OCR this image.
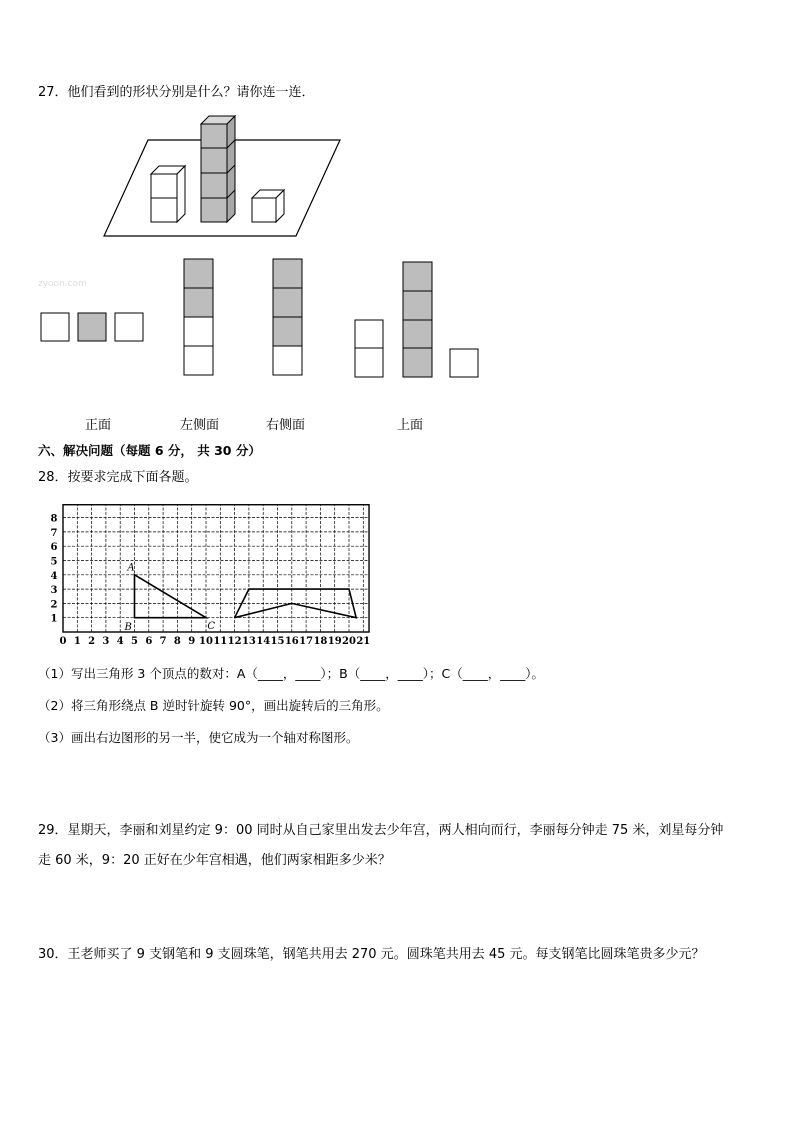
27．他们看到的形状分别是什么？请你连一连．
zyoon.com
0 1 2 3 4 5 6 7 8 9 10 11 12 13 14 15 16 17 18 19 20 21
1
2
3
4
5
6
7
8
A
B	C
正面	左侧面	右侧面	上面
六、解决问题（每题 6 分， 共 30 分）
28．按要求完成下面各题。
（1）写出三角形 3 个顶点的数对：A（____，____）；B（____，____）；C（____，____）。
（2）将三角形绕点 B 逆时针旋转 90°，画出旋转后的三角形。
（3）画出右边图形的另一半，使它成为一个轴对称图形。
29．星期天，李丽和刘星约定 9：00 同时从自己家里出发去少年宫，两人相向而行，李丽每分钟走 75 米，刘星每分钟
走 60 米，9：20 正好在少年宫相遇，他们两家相距多少米？
30．王老师买了 9 支钢笔和 9 支圆珠笔，钢笔共用去 270 元。圆珠笔共用去 45 元。每支钢笔比圆珠笔贵多少元？
